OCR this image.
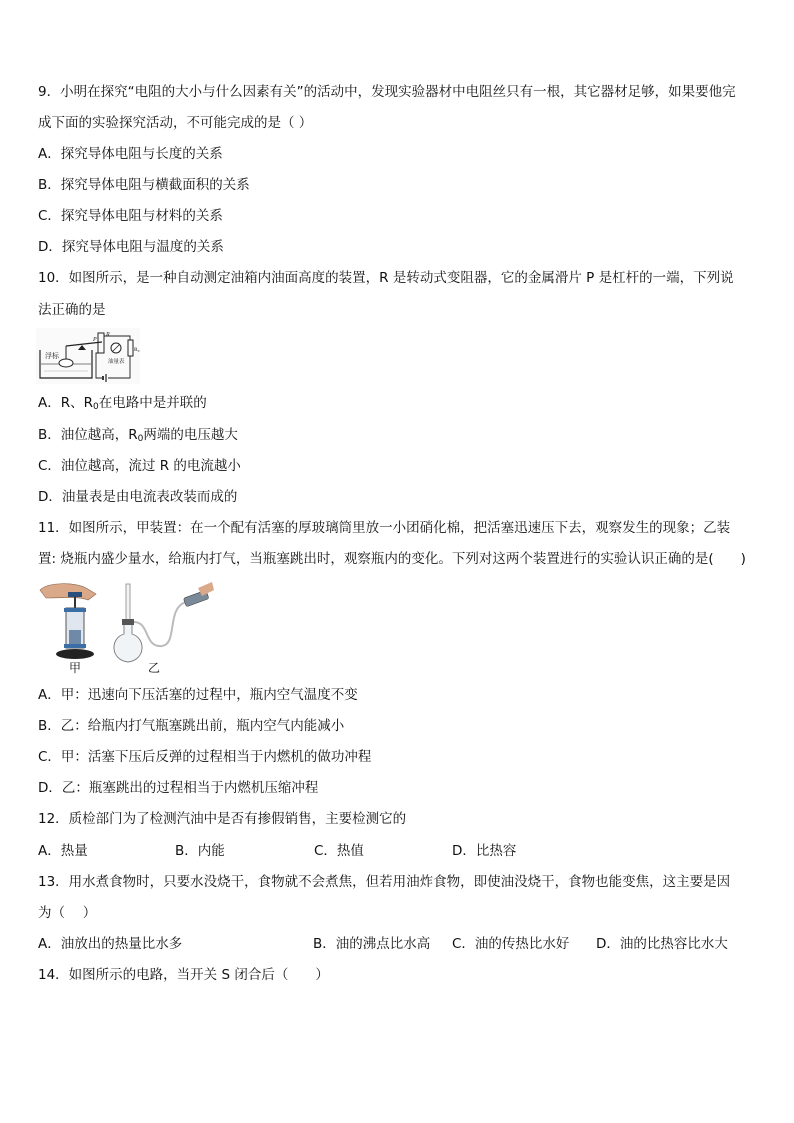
9．小明在探究“电阻的大小与什么因素有关”的活动中，发现实验器材中电阻丝只有一根，其它器材足够，如果要他完
成下面的实验探究活动，不可能完成的是（ ）
A．探究导体电阻与长度的关系
B．探究导体电阻与横截面积的关系
C．探究导体电阻与材料的关系
D．探究导体电阻与温度的关系
10．如图所示，是一种自动测定油箱内油面高度的装置，R 是转动式变阻器，它的金属滑片 P 是杠杆的一端，下列说
法正确的是
浮标
R
P
油量表
R₀
A．R、$R_0$在电路中是并联的
B．油位越高，$R_0$两端的电压越大
C．油位越高，流过 R 的电流越小
D．油量表是由电流表改装而成的
11．如图所示，甲装置：在一个配有活塞的厚玻璃筒里放一小团硝化棉，把活塞迅速压下去，观察发生的现象；乙装
置: 烧瓶内盛少量水，给瓶内打气，当瓶塞跳出时，观察瓶内的变化。下列对这两个装置进行的实验认识正确的是(　　)
甲	乙
A．甲：迅速向下压活塞的过程中，瓶内空气温度不变
B．乙：给瓶内打气瓶塞跳出前，瓶内空气内能减小
C．甲：活塞下压后反弹的过程相当于内燃机的做功冲程
D．乙：瓶塞跳出的过程相当于内燃机压缩冲程
12．质检部门为了检测汽油中是否有掺假销售，主要检测它的
A．热量	B．内能	C．热值	D．比热容
13．用水煮食物时，只要水没烧干，食物就不会煮焦，但若用油炸食物，即使油没烧干，食物也能变焦，这主要是因
为（　 ）
A．油放出的热量比水多	B．油的沸点比水高 C．油的传热比水好 D．油的比热容比水大
14．如图所示的电路，当开关 S 闭合后（　　）
